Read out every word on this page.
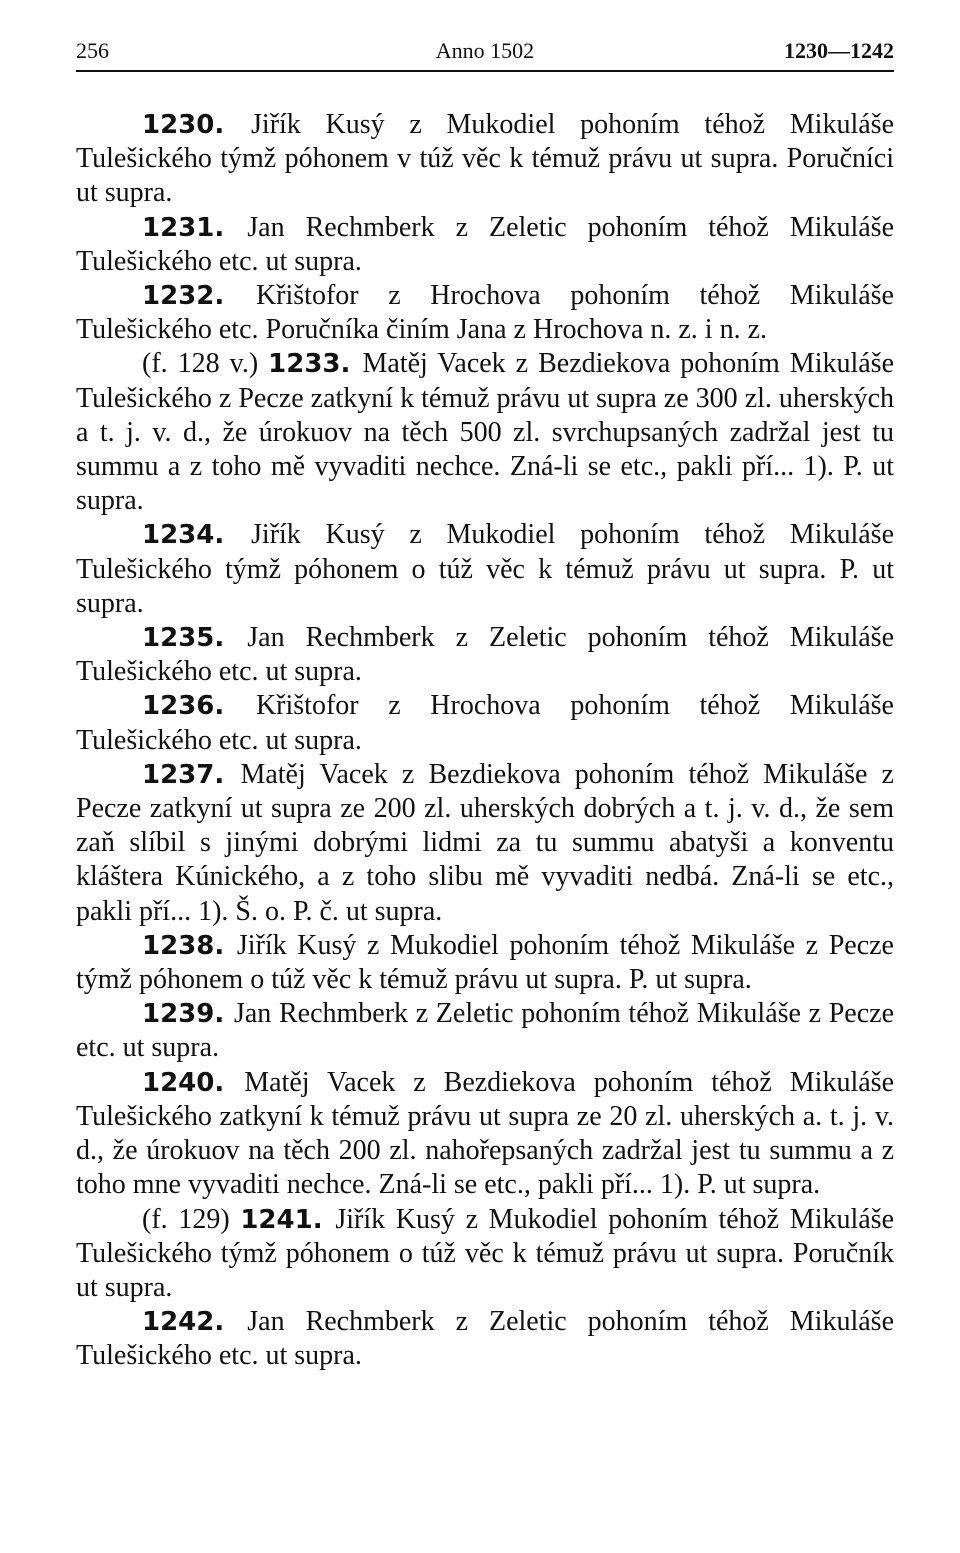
256	Anno 1502	1230—1242

1230. Jiřík Kusý z Mukodiel pohoním téhož Mikuláše Tulešického týmž póhonem v túž věc k témuž právu ut supra. Poručníci ut supra.

1231. Jan Rechmberk z Zeletic pohoním téhož Mikuláše Tulešického etc. ut supra.

1232. Křištofor z Hrochova pohoním téhož Mikuláše Tulešického etc. Poručníka činím Jana z Hrochova n. z. i n. z.

(f. 128 v.) 1233. Matěj Vacek z Bezdiekova pohoním Mikuláše Tulešického z Pecze zatkyní k témuž právu ut supra ze 300 zl. uherských a t. j. v. d., že úrokuov na těch 500 zl. svrchupsaných zadržal jest tu summu a z toho mě vyvaditi nechce. Zná-li se etc., pakli pří... 1). P. ut supra.

1234. Jiřík Kusý z Mukodiel pohoním téhož Mikuláše Tulešického týmž póhonem o túž věc k témuž právu ut supra. P. ut supra.

1235. Jan Rechmberk z Zeletic pohoním téhož Mikuláše Tulešického etc. ut supra.

1236. Křištofor z Hrochova pohoním téhož Mikuláše Tulešického etc. ut supra.

1237. Matěj Vacek z Bezdiekova pohoním téhož Mikuláše z Pecze zatkyní ut supra ze 200 zl. uherských dobrých a t. j. v. d., že sem zaň slíbil s jinými dobrými lidmi za tu summu abatyši a konventu kláštera Kúnického, a z toho slibu mě vyvaditi nedbá. Zná-li se etc., pakli pří... 1). Š. o. P. č. ut supra.

1238. Jiřík Kusý z Mukodiel pohoním téhož Mikuláše z Pecze týmž póhonem o túž věc k témuž právu ut supra. P. ut supra.

1239. Jan Rechmberk z Zeletic pohoním téhož Mikuláše z Pecze etc. ut supra.

1240. Matěj Vacek z Bezdiekova pohoním téhož Mikuláše Tulešického zatkyní k témuž právu ut supra ze 20 zl. uherských a. t. j. v. d., že úrokuov na těch 200 zl. nahořepsaných zadržal jest tu summu a z toho mne vyvaditi nechce. Zná-li se etc., pakli pří... 1). P. ut supra.

(f. 129) 1241. Jiřík Kusý z Mukodiel pohoním téhož Mikuláše Tulešického týmž póhonem o túž věc k témuž právu ut supra. Poručník ut supra.

1242. Jan Rechmberk z Zeletic pohoním téhož Mikuláše Tulešického etc. ut supra.
